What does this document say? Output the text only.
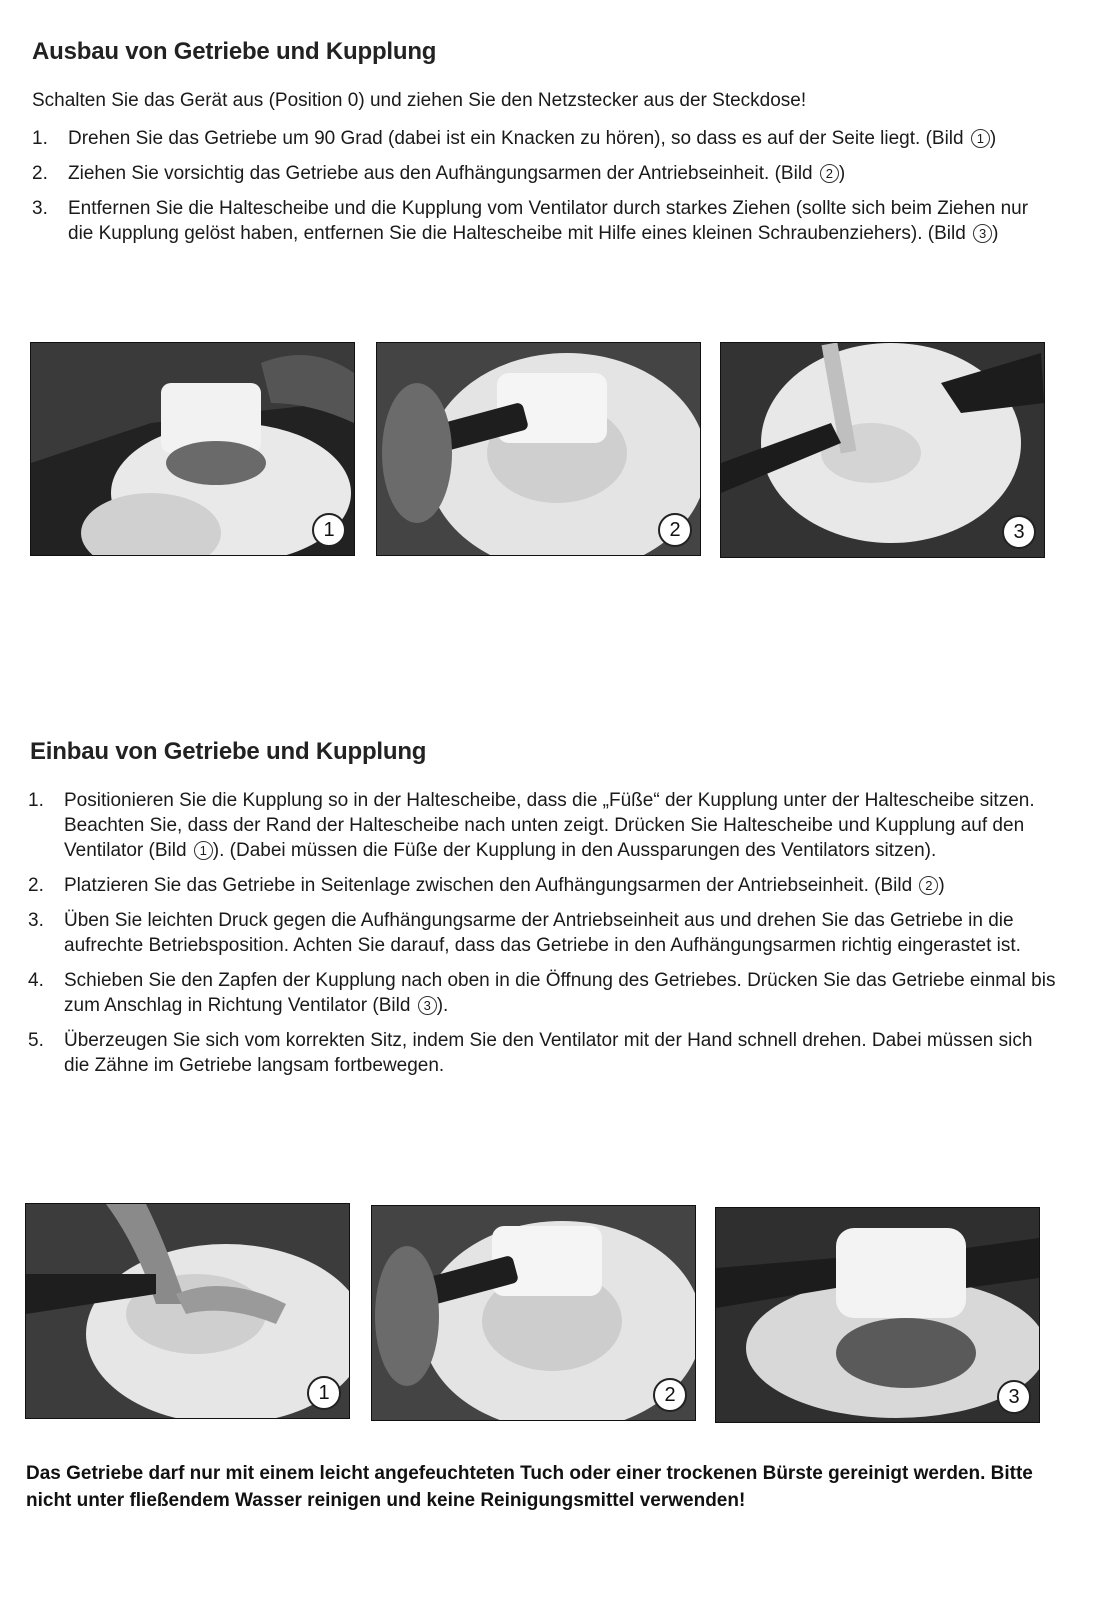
Ausbau von Getriebe und Kupplung

Schalten Sie das Gerät aus (Position 0) und ziehen Sie den Netzstecker aus der Steckdose!

1. Drehen Sie das Getriebe um 90 Grad (dabei ist ein Knacken zu hören), so dass es auf der Seite liegt. (Bild 1 )
2. Ziehen Sie vorsichtig das Getriebe aus den Aufhängungsarmen der Antriebseinheit. (Bild 2 )
3. Entfernen Sie die Haltescheibe und die Kupplung vom Ventilator durch starkes Ziehen (sollte sich beim Ziehen nur die Kupplung gelöst haben, entfernen Sie die Haltescheibe mit Hilfe eines kleinen Schraubenziehers). (Bild 3 )
1	2	3
Einbau von Getriebe und Kupplung
1. Positionieren Sie die Kupplung so in der Haltescheibe, dass die „Füße“ der Kupplung unter der Haltescheibe sitzen. Beachten Sie, dass der Rand der Haltescheibe nach unten zeigt. Drücken Sie Haltescheibe und Kupplung auf den Ventilator (Bild 1 ). (Dabei müssen die Füße der Kupplung in den Aussparungen des Ventilators sitzen).
2. Platzieren Sie das Getriebe in Seitenlage zwischen den Aufhängungsarmen der Antriebseinheit. (Bild 2 )
3. Üben Sie leichten Druck gegen die Aufhängungsarme der Antriebseinheit aus und drehen Sie das Getriebe in die aufrechte Betriebsposition. Achten Sie darauf, dass das Getriebe in den Aufhängungsarmen richtig eingerastet ist.
4. Schieben Sie den Zapfen der Kupplung nach oben in die Öffnung des Getriebes. Drücken Sie das Getriebe einmal bis zum Anschlag in Richtung Ventilator (Bild 3 ).
5. Überzeugen Sie sich vom korrekten Sitz, indem Sie den Ventilator mit der Hand schnell drehen. Dabei müssen sich die Zähne im Getriebe langsam fortbewegen.
1	2	3

Das Getriebe darf nur mit einem leicht angefeuchteten Tuch oder einer trockenen Bürste gereinigt werden. Bitte nicht unter fließendem Wasser reinigen und keine Reinigungsmittel verwenden!
